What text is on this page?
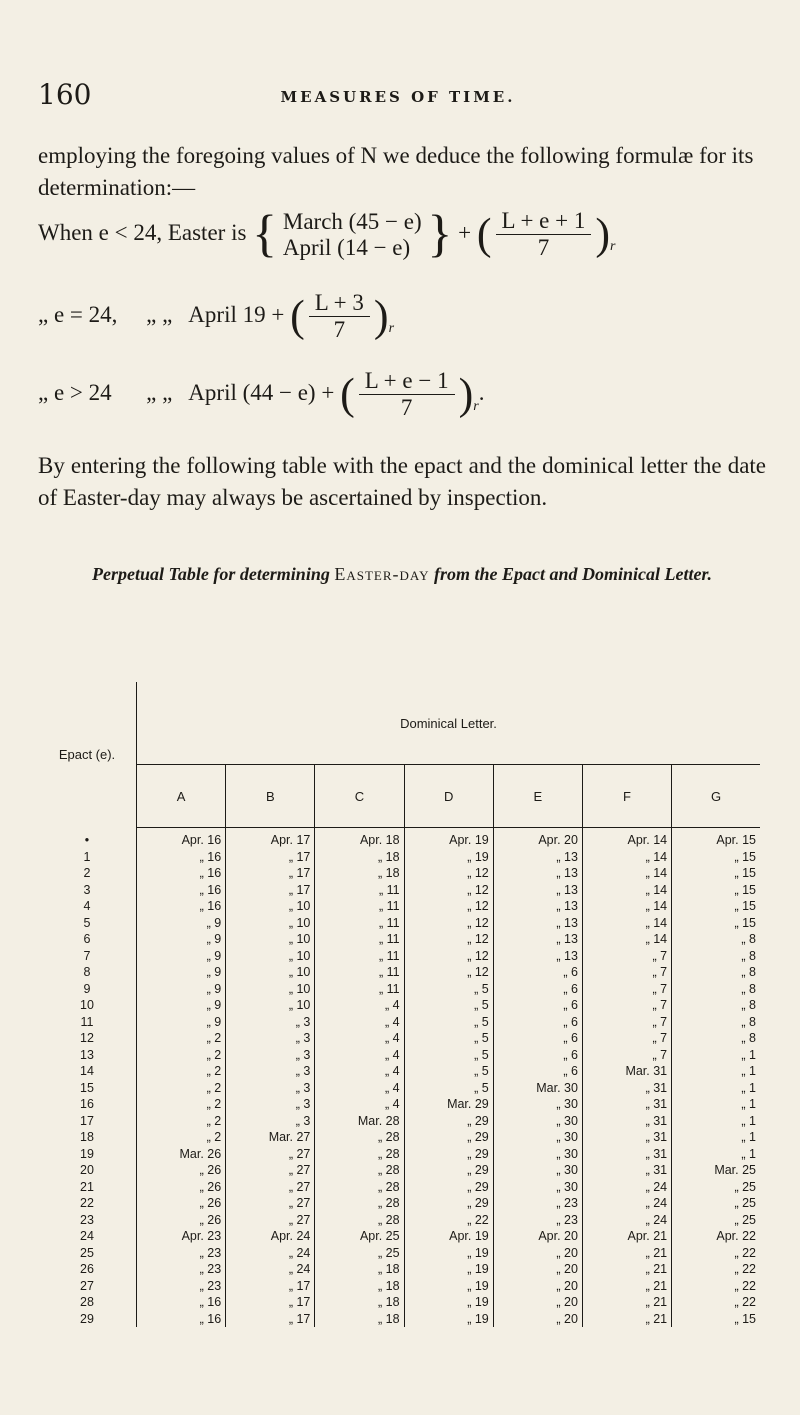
160	MEASURES OF TIME.
employing the foregoing values of N we deduce the following formulæ for its determination:—
When e < 24, Easter is { March (45 − e)
April (14 − e) } + ( $\frac{L + e + 1}{7} )_r$
„ e = 24, „ „ April 19 + ( $\frac{L + 3}{7} )_r$
„ e > 24 „ „ April (44 − e) + ( $\frac{L + e - 1}{7} )_r$.
By entering the following table with the epact and the dominical letter the date of Easter-day may always be ascertained by inspection.
Perpetual Table for determining Easter-day from the Epact and Dominical Letter.
Epact (e).	Dominical Letter.						
	A	B	C	D	E	F	G
•	Apr. 16	Apr. 17	Apr. 18	Apr. 19	Apr. 20	Apr. 14	Apr. 15
1	„ 16	„ 17	„ 18	„ 19	„ 13	„ 14	„ 15
2	„ 16	„ 17	„ 18	„ 12	„ 13	„ 14	„ 15
3	„ 16	„ 17	„ 11	„ 12	„ 13	„ 14	„ 15
4	„ 16	„ 10	„ 11	„ 12	„ 13	„ 14	„ 15
5	„ 9	„ 10	„ 11	„ 12	„ 13	„ 14	„ 15
6	„ 9	„ 10	„ 11	„ 12	„ 13	„ 14	„ 8
7	„ 9	„ 10	„ 11	„ 12	„ 13	„ 7	„ 8
8	„ 9	„ 10	„ 11	„ 12	„ 6	„ 7	„ 8
9	„ 9	„ 10	„ 11	„ 5	„ 6	„ 7	„ 8
10	„ 9	„ 10	„ 4	„ 5	„ 6	„ 7	„ 8
11	„ 9	„ 3	„ 4	„ 5	„ 6	„ 7	„ 8
12	„ 2	„ 3	„ 4	„ 5	„ 6	„ 7	„ 8
13	„ 2	„ 3	„ 4	„ 5	„ 6	„ 7	„ 1
14	„ 2	„ 3	„ 4	„ 5	„ 6	Mar. 31	„ 1
15	„ 2	„ 3	„ 4	„ 5	Mar. 30	„ 31	„ 1
16	„ 2	„ 3	„ 4	Mar. 29	„ 30	„ 31	„ 1
17	„ 2	„ 3	Mar. 28	„ 29	„ 30	„ 31	„ 1
18	„ 2	Mar. 27	„ 28	„ 29	„ 30	„ 31	„ 1
19	Mar. 26	„ 27	„ 28	„ 29	„ 30	„ 31	„ 1
20	„ 26	„ 27	„ 28	„ 29	„ 30	„ 31	Mar. 25
21	„ 26	„ 27	„ 28	„ 29	„ 30	„ 24	„ 25
22	„ 26	„ 27	„ 28	„ 29	„ 23	„ 24	„ 25
23	„ 26	„ 27	„ 28	„ 22	„ 23	„ 24	„ 25
24	Apr. 23	Apr. 24	Apr. 25	Apr. 19	Apr. 20	Apr. 21	Apr. 22
25	„ 23	„ 24	„ 25	„ 19	„ 20	„ 21	„ 22
26	„ 23	„ 24	„ 18	„ 19	„ 20	„ 21	„ 22
27	„ 23	„ 17	„ 18	„ 19	„ 20	„ 21	„ 22
28	„ 16	„ 17	„ 18	„ 19	„ 20	„ 21	„ 22
29	„ 16	„ 17	„ 18	„ 19	„ 20	„ 21	„ 15
